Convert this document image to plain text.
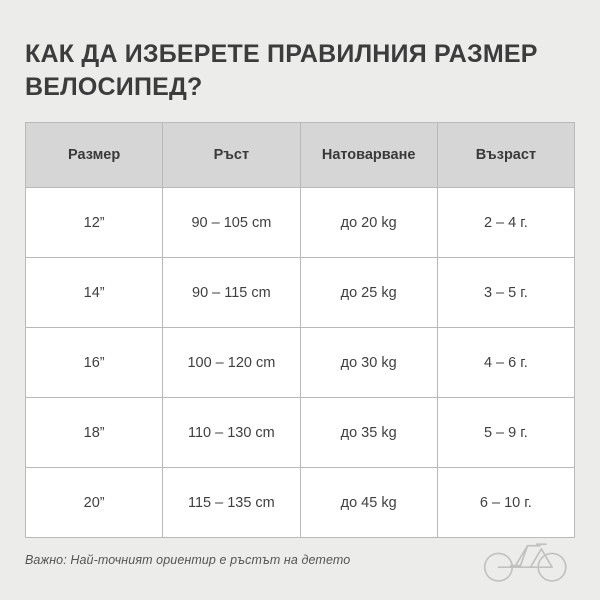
КАК ДА ИЗБЕРЕТЕ ПРАВИЛНИЯ РАЗМЕР ВЕЛОСИПЕД?
Размер	Ръст	Натоварване	Възраст
12”	90 – 105 cm	до 20 kg	2 – 4 г.
14”	90 – 115 cm	до 25 kg	3 – 5 г.
16”	100 – 120 cm	до 30 kg	4 – 6 г.
18”	110 – 130 cm	до 35 kg	5 – 9 г.
20”	115 – 135 cm	до 45 kg	6 – 10 г.
Важно: Най-точният ориентир е ръстът на детето
